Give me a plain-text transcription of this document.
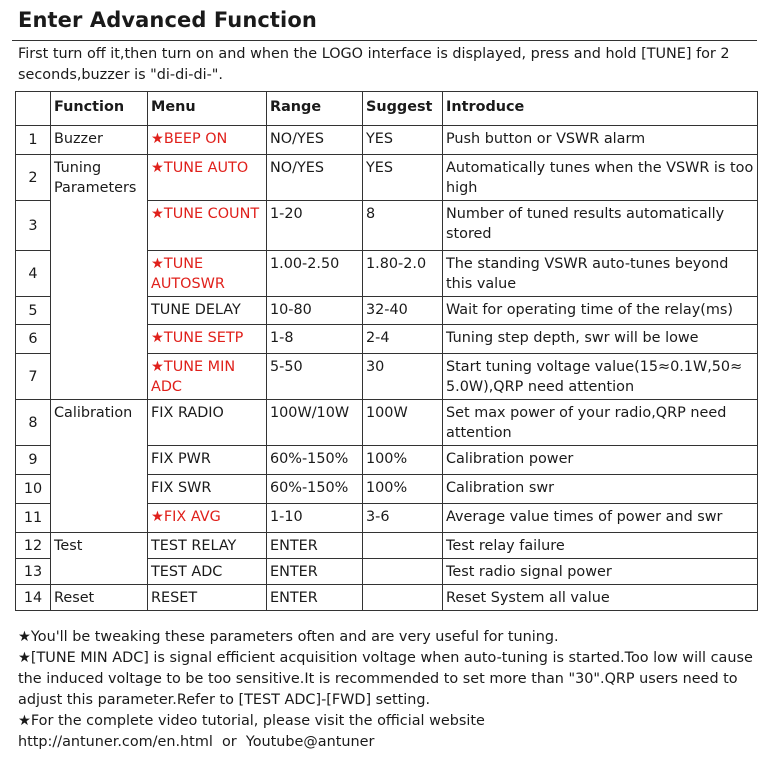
Enter Advanced Function
First turn off it,then turn on and when the LOGO interface is displayed, press and hold [TUNE] for 2 seconds,buzzer is "di-di-di-".
	Function	Menu	Range	Suggest	Introduce
1	Buzzer	★BEEP ON	NO/YES	YES	Push button or VSWR alarm
2	Tuning Parameters	★TUNE AUTO	NO/YES	YES	Automatically tunes when the VSWR is too high
3		★TUNE COUNT	1-20	8	Number of tuned results automatically stored
4		★TUNE AUTOSWR	1.00-2.50	1.80-2.0	The standing VSWR auto-tunes beyond this value
5		TUNE DELAY	10-80	32-40	Wait for operating time of the relay(ms)
6		★TUNE SETP	1-8	2-4	Tuning step depth, swr will be lowe
7		★TUNE MIN ADC	5-50	30	Start tuning voltage value(15≈0.1W,50≈ 5.0W),QRP need attention
8	Calibration	FIX RADIO	100W/10W	100W	Set max power of your radio,QRP need attention
9		FIX PWR	60%-150%	100%	Calibration power
10		FIX SWR	60%-150%	100%	Calibration swr
11		★FIX AVG	1-10	3-6	Average value times of power and swr
12	Test	TEST RELAY	ENTER		Test relay failure
13		TEST ADC	ENTER		Test radio signal power
14	Reset	RESET	ENTER		Reset System all value

★You'll be tweaking these parameters often and are very useful for tuning.

★[TUNE MIN ADC] is signal efficient acquisition voltage when auto-tuning is started.Too low will cause the induced voltage to be too sensitive.It is recommended to set more than "30".QRP users need to adjust this parameter.Refer to [TEST ADC]-[FWD] setting.

★For the complete video tutorial, please visit the official website

http://antuner.com/en.html  or  Youtube@antuner
